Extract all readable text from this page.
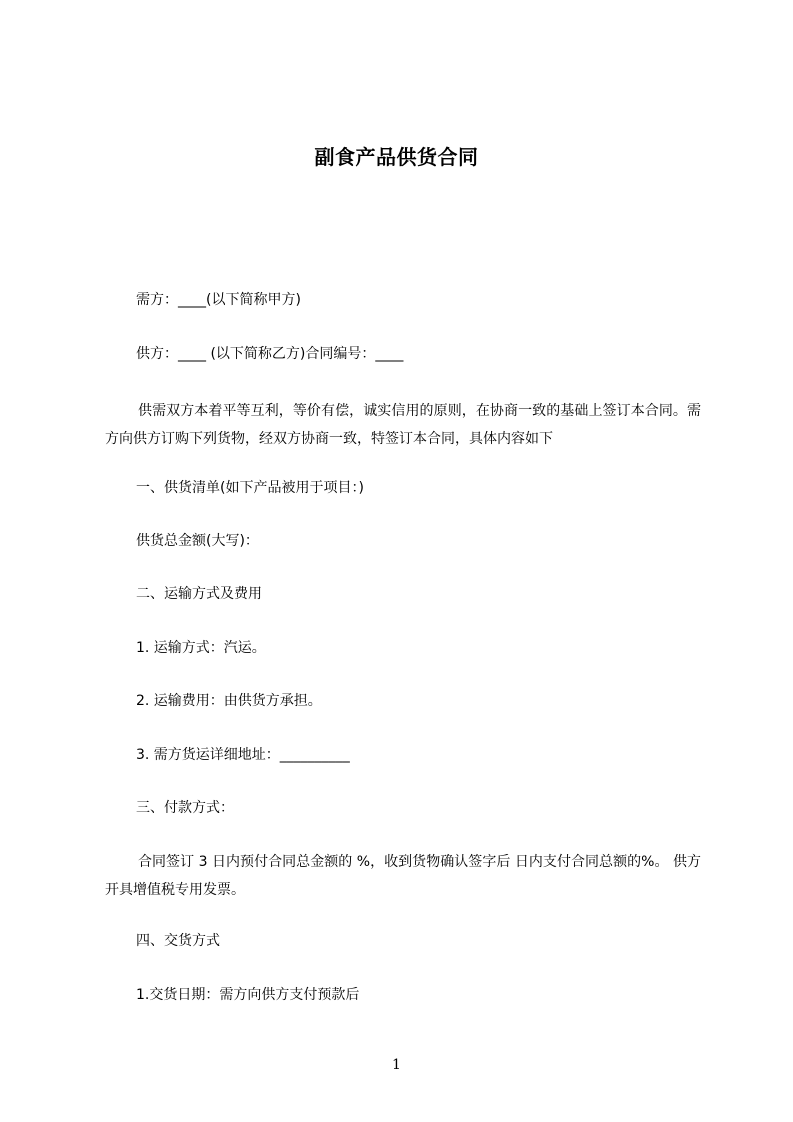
副食产品供货合同
需方：____(以下简称甲方)
供方：____ (以下简称乙方)合同编号：____
供需双方本着平等互利，等价有偿，诚实信用的原则，在协商一致的基础上签订本合同。需方向供方订购下列货物，经双方协商一致，特签订本合同，具体内容如下
一、供货清单(如下产品被用于项目：)
供货总金额(大写)：
二、运输方式及费用
1. 运输方式：汽运。
2. 运输费用：由供货方承担。
3. 需方货运详细地址：__________
三、付款方式：
合同签订 3 日内预付合同总金额的 %，收到货物确认签字后 日内支付合同总额的%。 供方开具增值税专用发票。
四、交货方式
1.交货日期：需方向供方支付预款后
1
